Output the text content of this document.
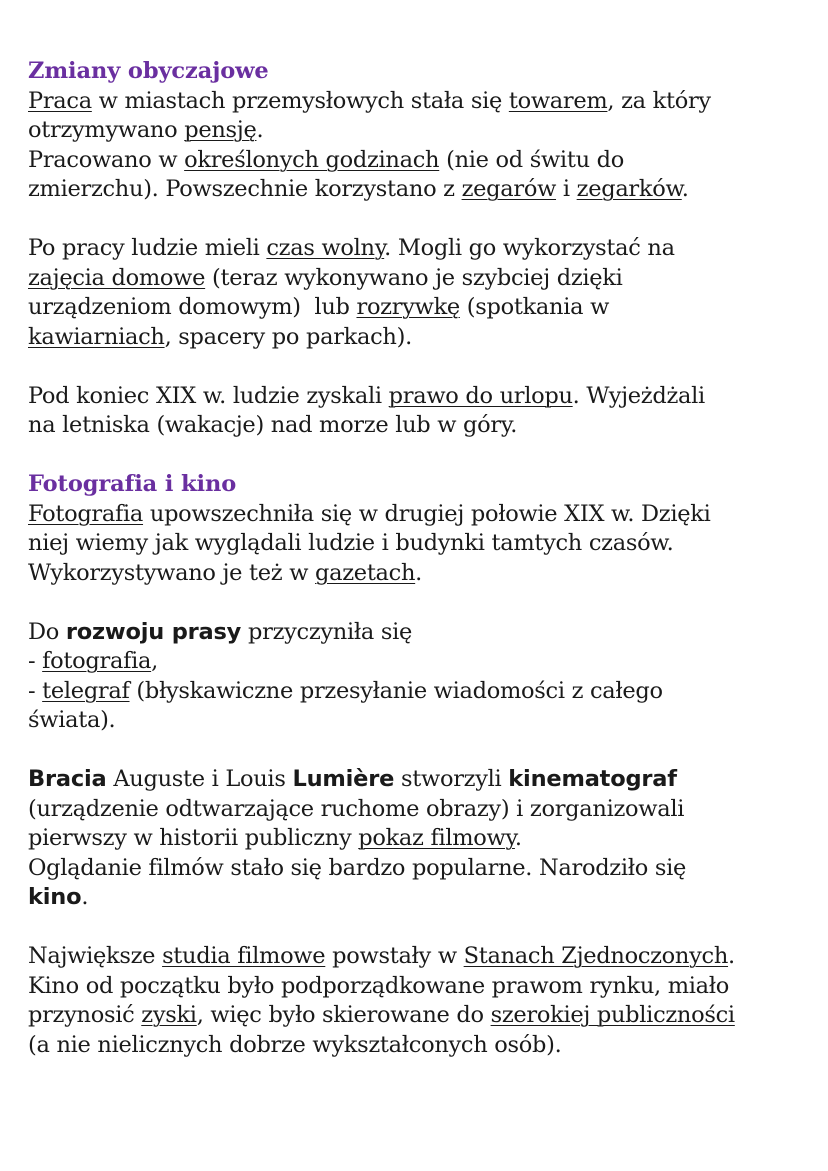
Zmiany obyczajowe
Praca w miastach przemysłowych stała się towarem, za który
otrzymywano pensję.
Pracowano w określonych godzinach (nie od świtu do
zmierzchu). Powszechnie korzystano z zegarów i zegarków.
Po pracy ludzie mieli czas wolny. Mogli go wykorzystać na
zajęcia domowe (teraz wykonywano je szybciej dzięki
urządzeniom domowym)  lub rozrywkę (spotkania w
kawiarniach, spacery po parkach).
Pod koniec XIX w. ludzie zyskali prawo do urlopu. Wyjeżdżali
na letniska (wakacje) nad morze lub w góry.
Fotografia i kino
Fotografia upowszechniła się w drugiej połowie XIX w. Dzięki
niej wiemy jak wyglądali ludzie i budynki tamtych czasów.
Wykorzystywano je też w gazetach.
Do rozwoju prasy przyczyniła się
- fotografia,
- telegraf (błyskawiczne przesyłanie wiadomości z całego
świata).
Bracia Auguste i Louis Lumière stworzyli kinematograf
(urządzenie odtwarzające ruchome obrazy) i zorganizowali
pierwszy w historii publiczny pokaz filmowy.
Oglądanie filmów stało się bardzo popularne. Narodziło się
kino.
Największe studia filmowe powstały w Stanach Zjednoczonych.
Kino od początku było podporządkowane prawom rynku, miało
przynosić zyski, więc było skierowane do szerokiej publiczności
(a nie nielicznych dobrze wykształconych osób).
